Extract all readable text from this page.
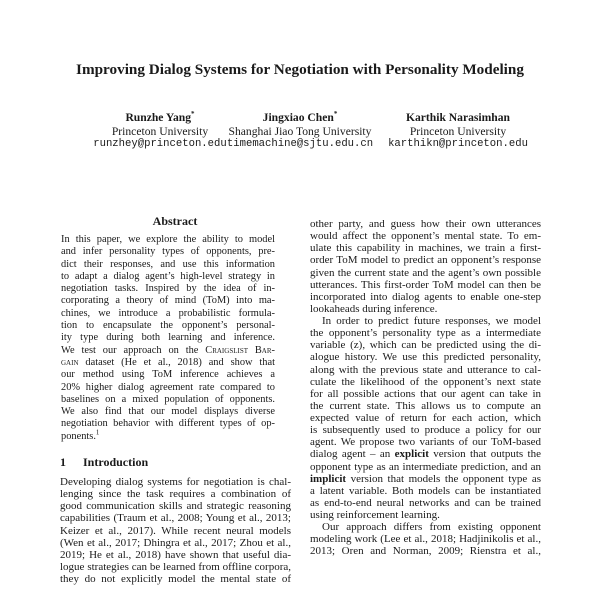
Improving Dialog Systems for Negotiation with Personality Modeling
Runzhe Yang*
Princeton University
runzhey@princeton.edu
Jingxiao Chen*
Shanghai Jiao Tong University
timemachine@sjtu.edu.cn
Karthik Narasimhan
Princeton University
karthikn@princeton.edu
Abstract
In this paper, we explore the ability to model
and infer personality types of opponents, pre-
dict their responses, and use this information
to adapt a dialog agent’s high-level strategy in
negotiation tasks. Inspired by the idea of in-
corporating a theory of mind (ToM) into ma-
chines, we introduce a probabilistic formula-
tion to encapsulate the opponent’s personal-
ity type during both learning and inference.
We test our approach on the Craigslist Bar-
gain dataset (He et al., 2018) and show that
our method using ToM inference achieves a
20% higher dialog agreement rate compared to
baselines on a mixed population of opponents.
We also find that our model displays diverse
negotiation behavior with different types of op-
ponents.$^1$
1 Introduction
Developing dialog systems for negotiation is chal-
lenging since the task requires a combination of
good communication skills and strategic reasoning
capabilities (Traum et al., 2008; Young et al., 2013;
Keizer et al., 2017). While recent neural models
(Wen et al., 2017; Dhingra et al., 2017; Zhou et al.,
2019; He et al., 2018) have shown that useful dia-
logue strategies can be learned from offline corpora,
they do not explicitly model the mental state of
other party, and guess how their own utterances
would affect the opponent’s mental state. To em-
ulate this capability in machines, we train a first-
order ToM model to predict an opponent’s response
given the current state and the agent’s own possible
utterances. This first-order ToM model can then be
incorporated into dialog agents to enable one-step
lookaheads during inference.
In order to predict future responses, we model
the opponent’s personality type as a intermediate
variable (z), which can be predicted using the di-
alogue history. We use this predicted personality,
along with the previous state and utterance to cal-
culate the likelihood of the opponent’s next state
for all possible actions that our agent can take in
the current state. This allows us to compute an
expected value of return for each action, which
is subsequently used to produce a policy for our
agent. We propose two variants of our ToM-based
dialog agent – an explicit version that outputs the
opponent type as an intermediate prediction, and an
implicit version that models the opponent type as
a latent variable. Both models can be instantiated
as end-to-end neural networks and can be trained
using reinforcement learning.
Our approach differs from existing opponent
modeling work (Lee et al., 2018; Hadjinikolis et al.,
2013; Oren and Norman, 2009; Rienstra et al.,
